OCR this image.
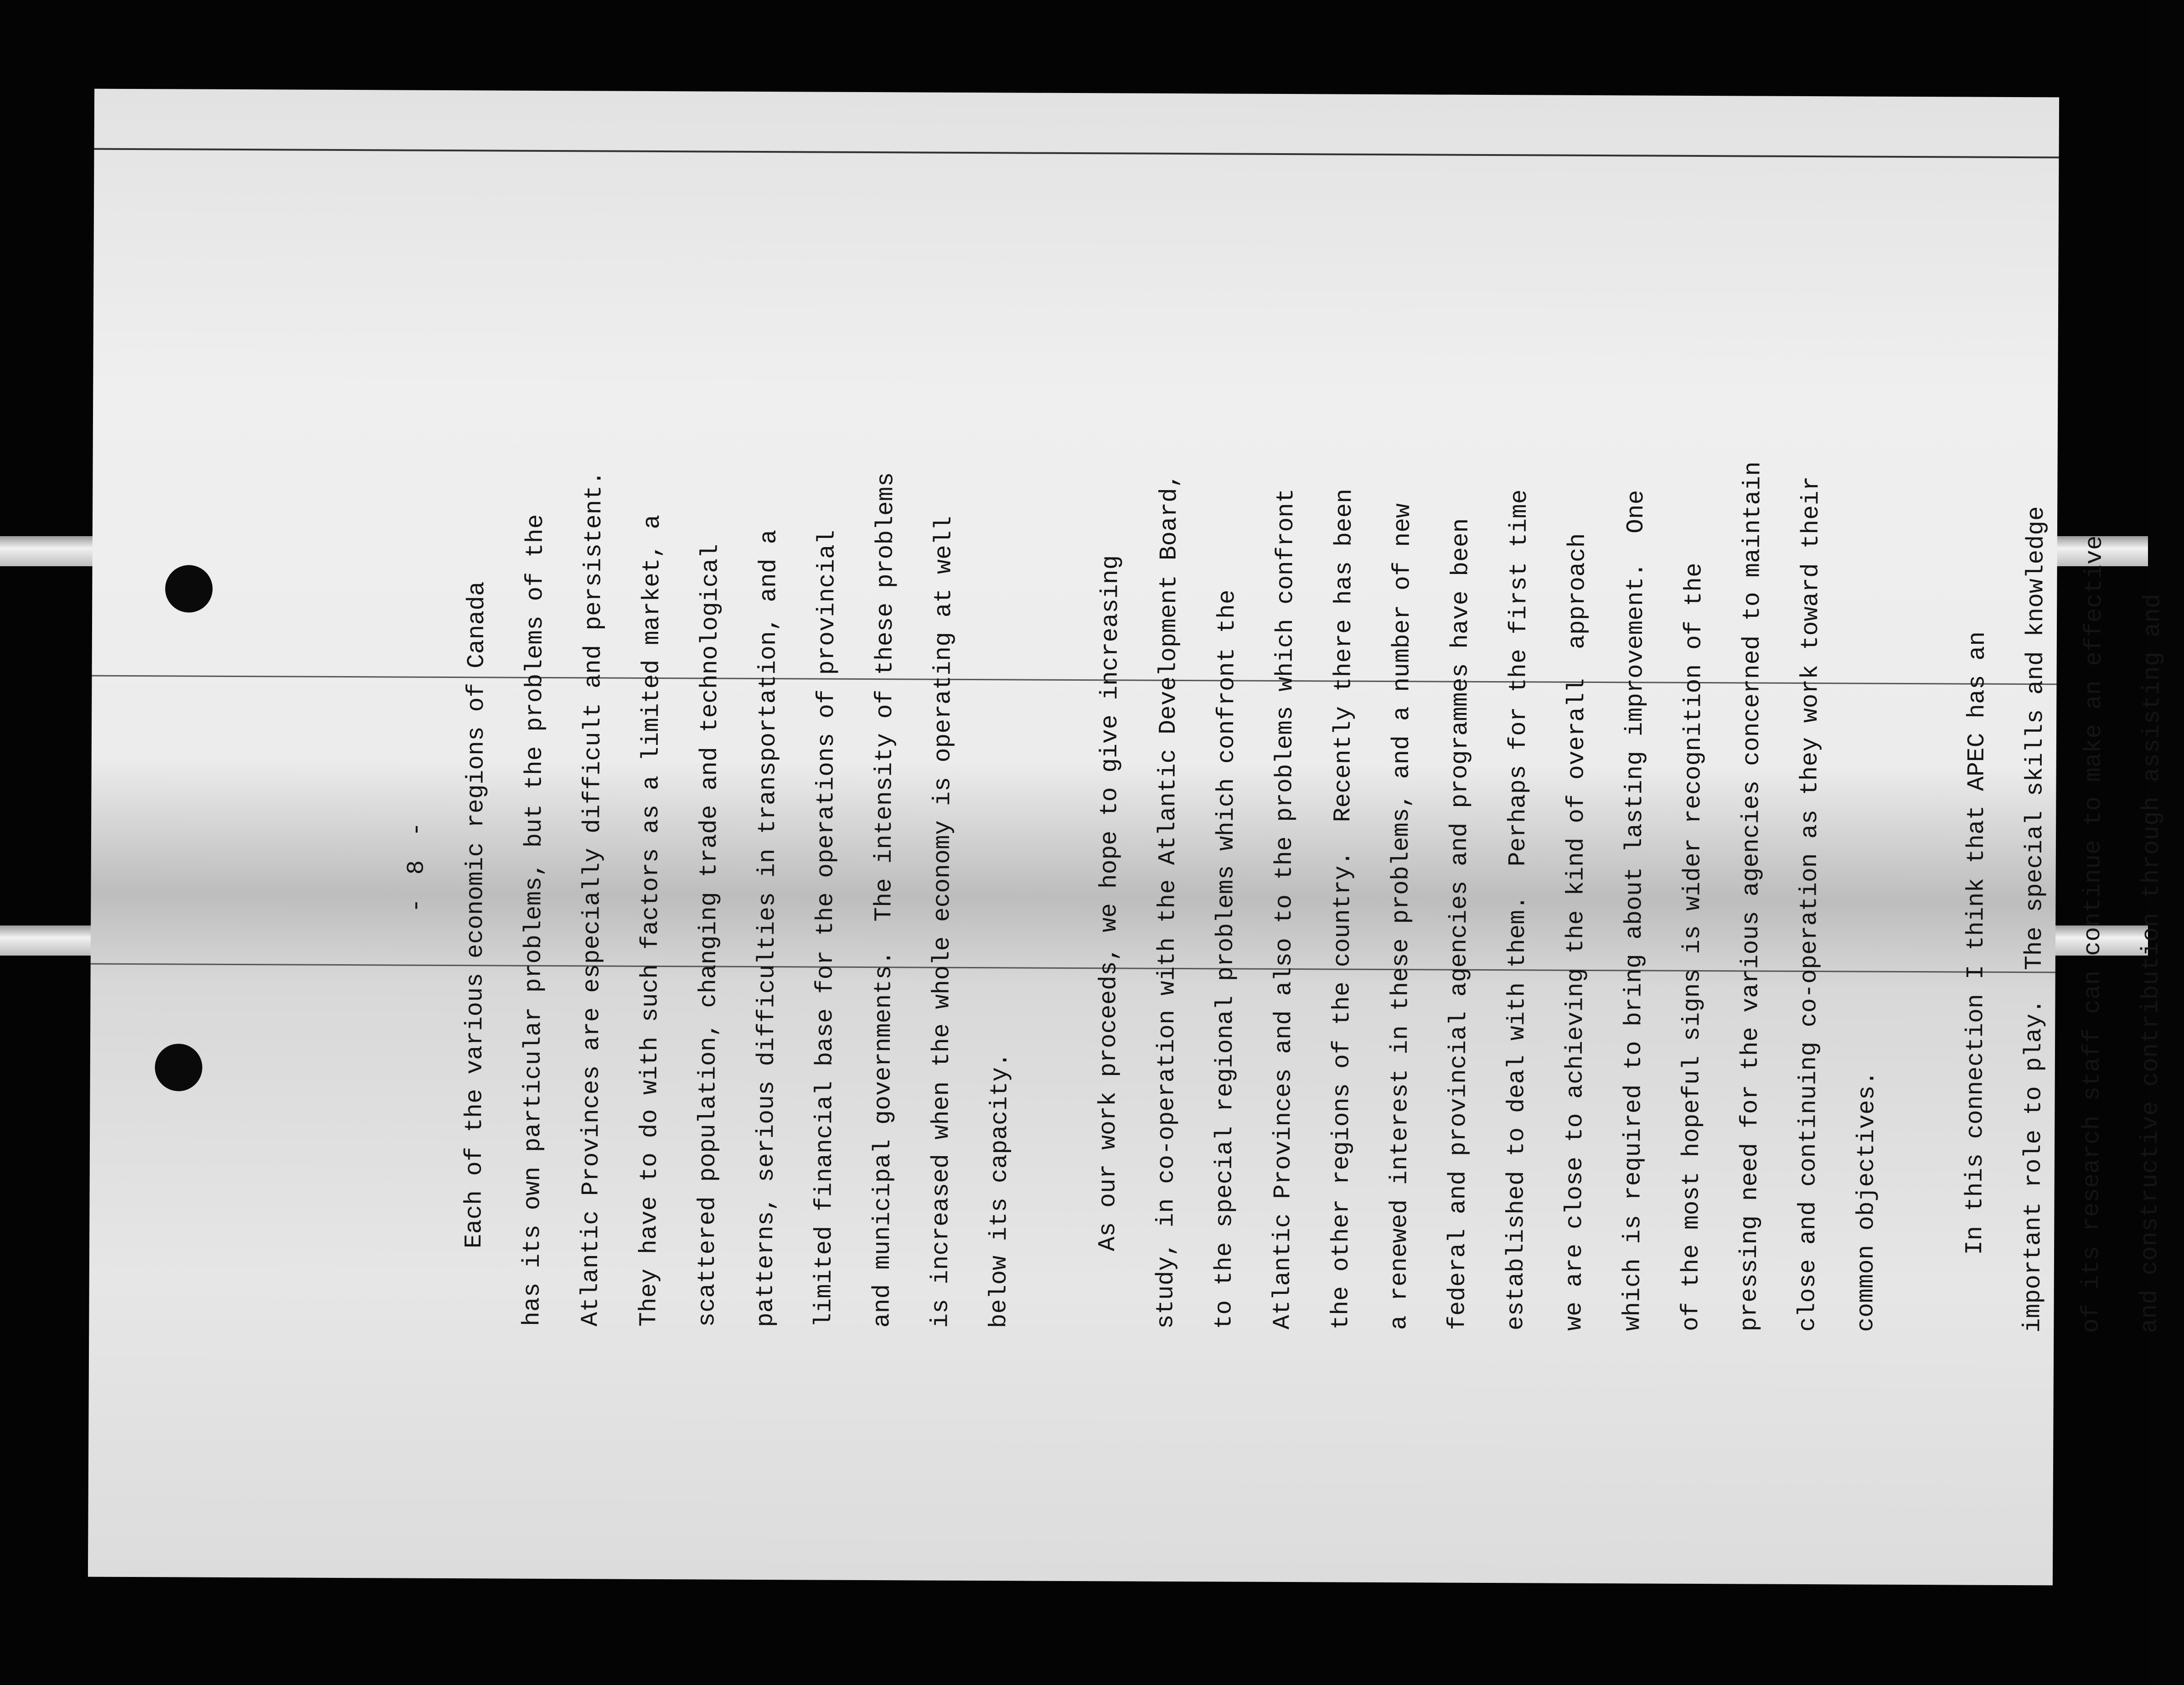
- 8 -	Each of the various economic regions of Canada	has its own particular problems, but the problems of the	Atlantic Provinces are especially difficult and persistent.	They have to do with such factors as a limited market, a	scattered population, changing trade and technological	patterns, serious difficulties in transportation, and a	limited financial base for the operations of provincial	and municipal governments.  The intensity of these problems	is increased when the whole economy is operating at well	below its capacity.	As our work proceeds, we hope to give increasing	study, in co-operation with the Atlantic Development Board,	to the special regional problems which confront the	Atlantic Provinces and also to the problems which confront	the other regions of the country.  Recently there has been	a renewed interest in these problems, and a number of new	federal and provincial agencies and programmes have been	established to deal with them.  Perhaps for the first time	we are close to achieving the kind of overall  approach	which is required to bring about lasting improvement.  One	of the most hopeful signs is wider recognition of the	pressing need for the various agencies concerned to maintain	close and continuing co-operation as they work toward their	common objectives.	In this connection I think that APEC has an	important role to play.  The special skills and knowledge	of its research staff can continue to make an effective	and constructive contribution through assisting and
